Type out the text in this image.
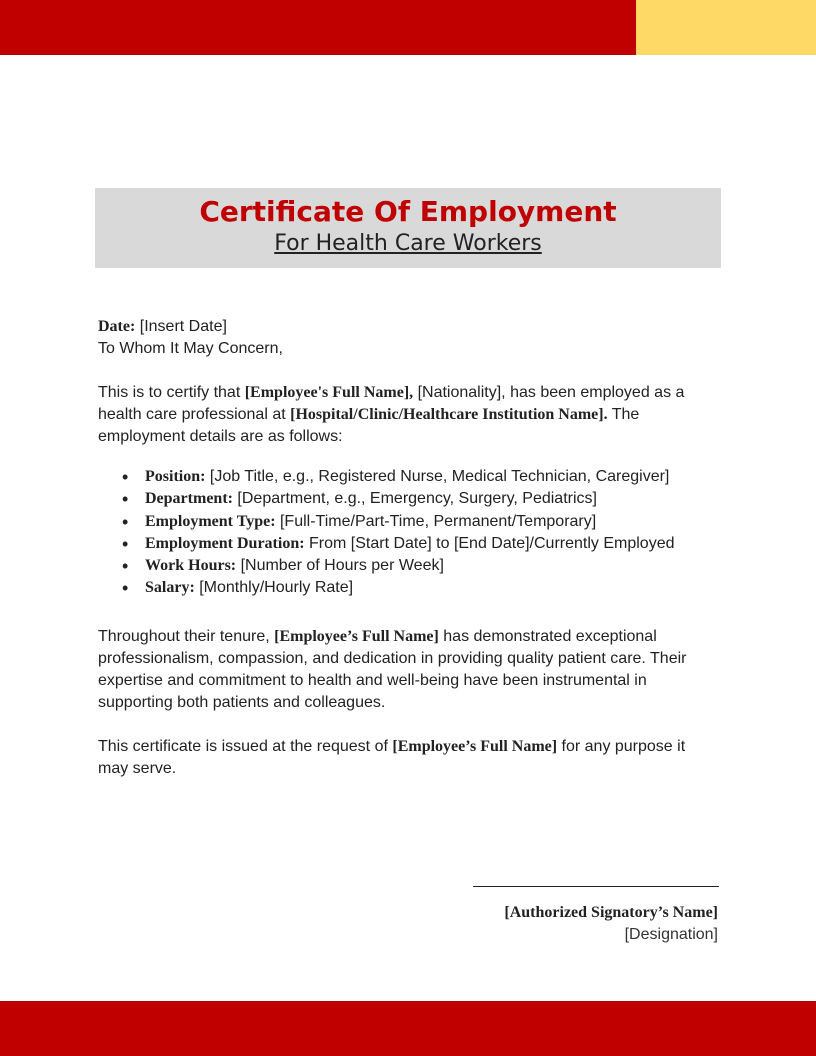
Certificate Of Employment
For Health Care Workers

Date: [Insert Date]

To Whom It May Concern,

This is to certify that [Employee's Full Name], [Nationality], has been employed as a health care professional at [Hospital/Clinic/Healthcare Institution Name]. The employment details are as follows:

• Position: [Job Title, e.g., Registered Nurse, Medical Technician, Caregiver]
• Department: [Department, e.g., Emergency, Surgery, Pediatrics]
• Employment Type: [Full-Time/Part-Time, Permanent/Temporary]
• Employment Duration: From [Start Date] to [End Date]/Currently Employed
• Work Hours: [Number of Hours per Week]
• Salary: [Monthly/Hourly Rate]

Throughout their tenure, [Employee’s Full Name] has demonstrated exceptional professionalism, compassion, and dedication in providing quality patient care. Their expertise and commitment to health and well-being have been instrumental in supporting both patients and colleagues.

This certificate is issued at the request of [Employee’s Full Name] for any purpose it may serve.

[Authorized Signatory’s Name]
[Designation]
